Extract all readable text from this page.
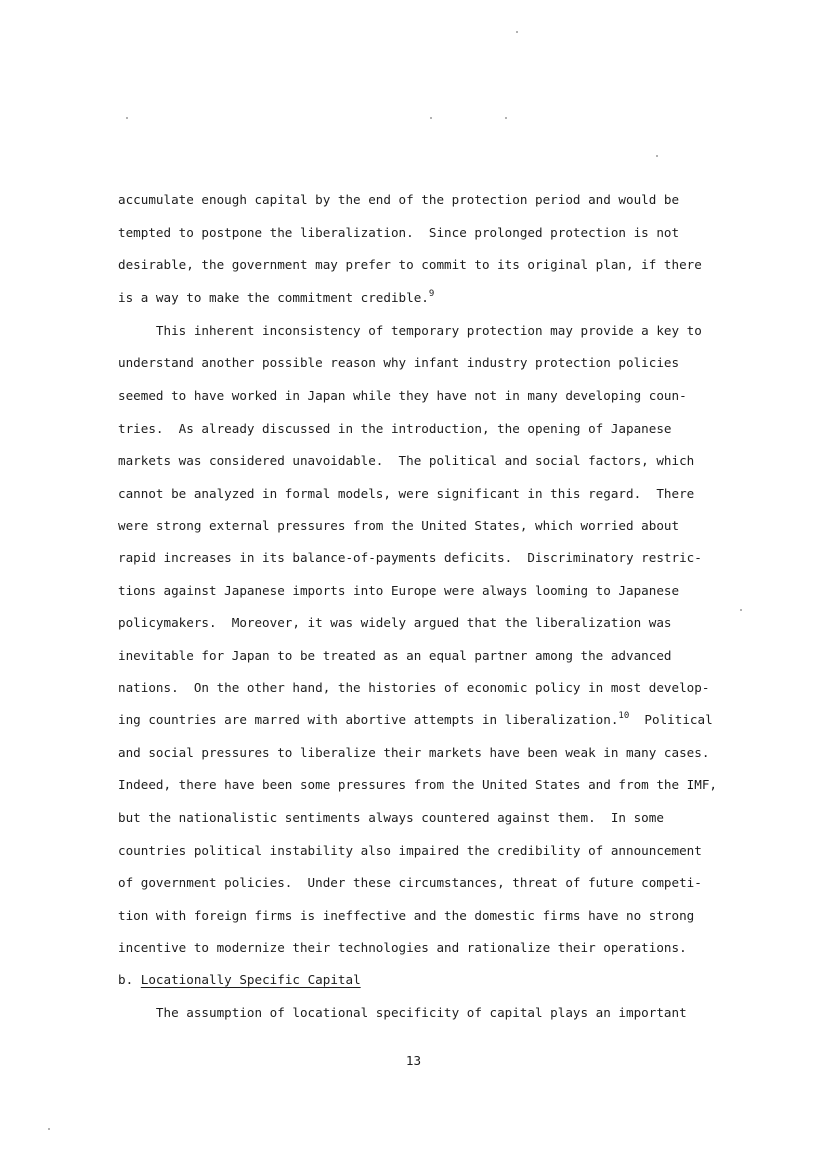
accumulate enough capital by the end of the protection period and would be
tempted to postpone the liberalization.  Since prolonged protection is not
desirable, the government may prefer to commit to its original plan, if there
is a way to make the commitment credible.$^9$
This inherent inconsistency of temporary protection may provide a key to
understand another possible reason why infant industry protection policies
seemed to have worked in Japan while they have not in many developing coun-
tries.  As already discussed in the introduction, the opening of Japanese
markets was considered unavoidable.  The political and social factors, which
cannot be analyzed in formal models, were significant in this regard.  There
were strong external pressures from the United States, which worried about
rapid increases in its balance-of-payments deficits.  Discriminatory restric-
tions against Japanese imports into Europe were always looming to Japanese
policymakers.  Moreover, it was widely argued that the liberalization was
inevitable for Japan to be treated as an equal partner among the advanced
nations.  On the other hand, the histories of economic policy in most develop-
ing countries are marred with abortive attempts in liberalization.$^{10}$  Political
and social pressures to liberalize their markets have been weak in many cases.
Indeed, there have been some pressures from the United States and from the IMF,
but the nationalistic sentiments always countered against them.  In some
countries political instability also impaired the credibility of announcement
of government policies.  Under these circumstances, threat of future competi-
tion with foreign firms is ineffective and the domestic firms have no strong
incentive to modernize their technologies and rationalize their operations.
b. Locationally Specific Capital
The assumption of locational specificity of capital plays an important
13
